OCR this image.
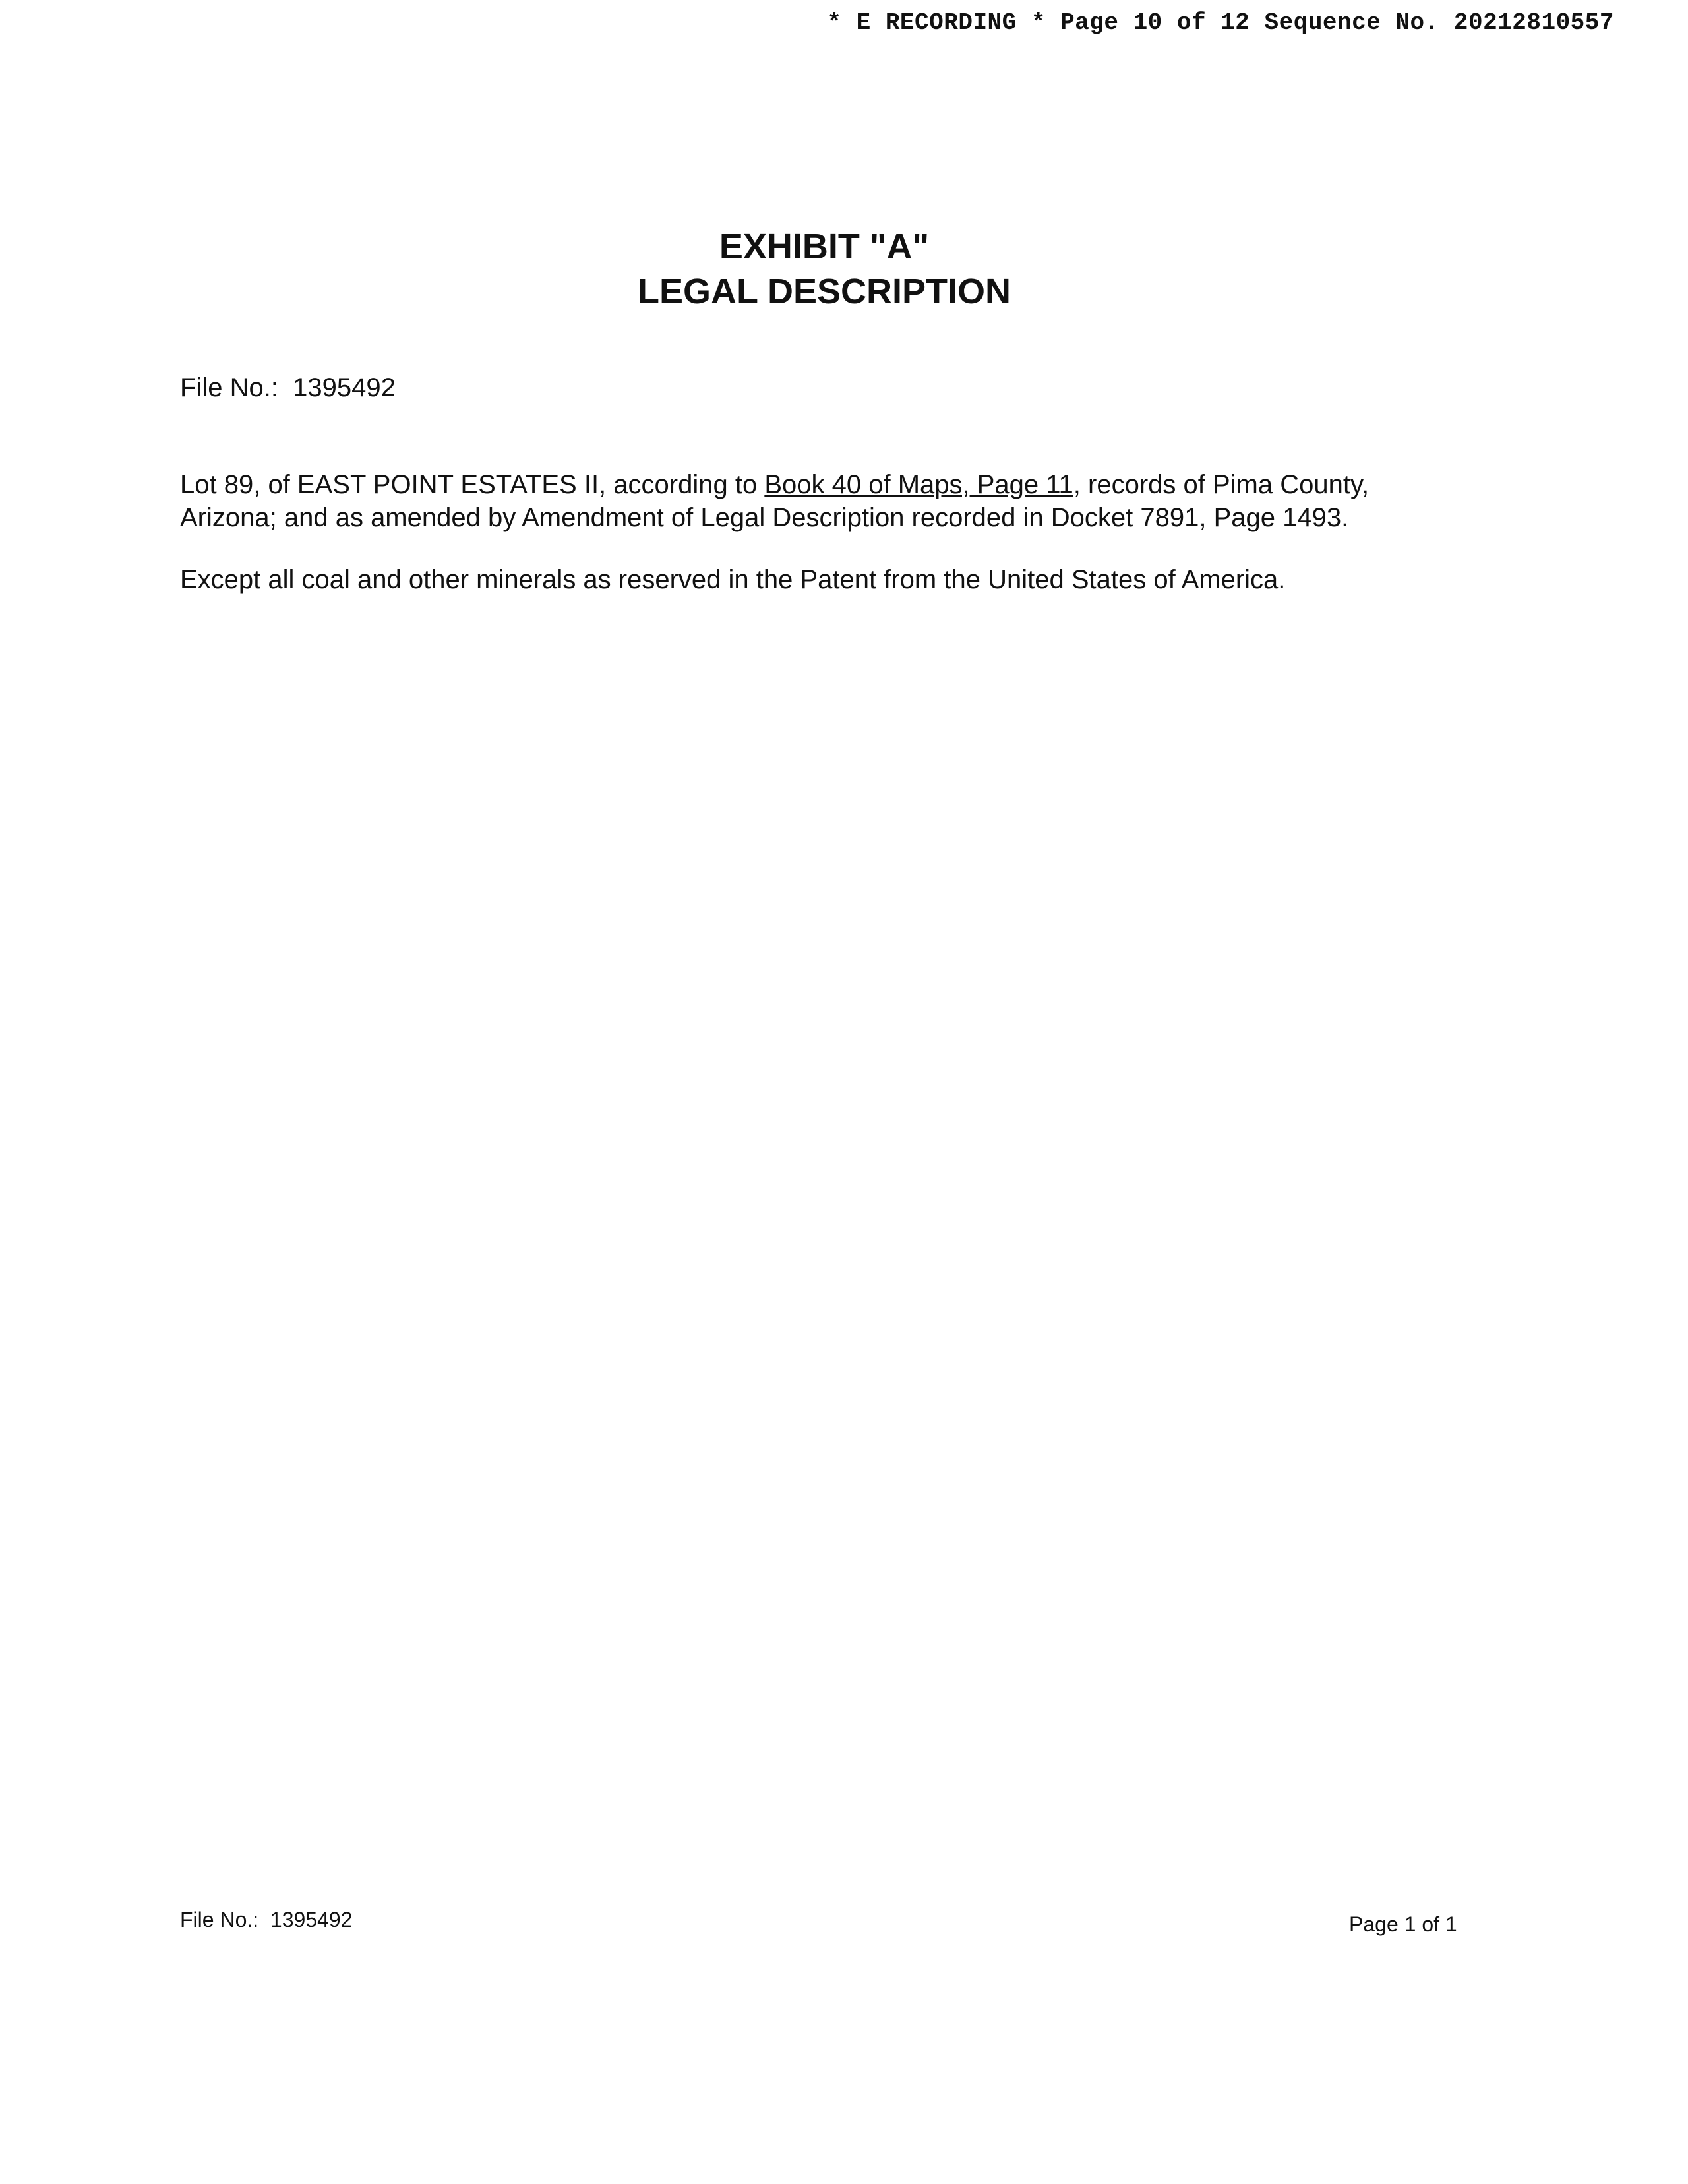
* E RECORDING * Page 10 of 12 Sequence No. 20212810557
EXHIBIT "A"
LEGAL DESCRIPTION
File No.: 1395492

Lot 89, of EAST POINT ESTATES II, according to Book 40 of Maps, Page 11, records of Pima County,
Arizona; and as amended by Amendment of Legal Description recorded in Docket 7891, Page 1493.

Except all coal and other minerals as reserved in the Patent from the United States of America.

File No.: 1395492	Page 1 of 1
